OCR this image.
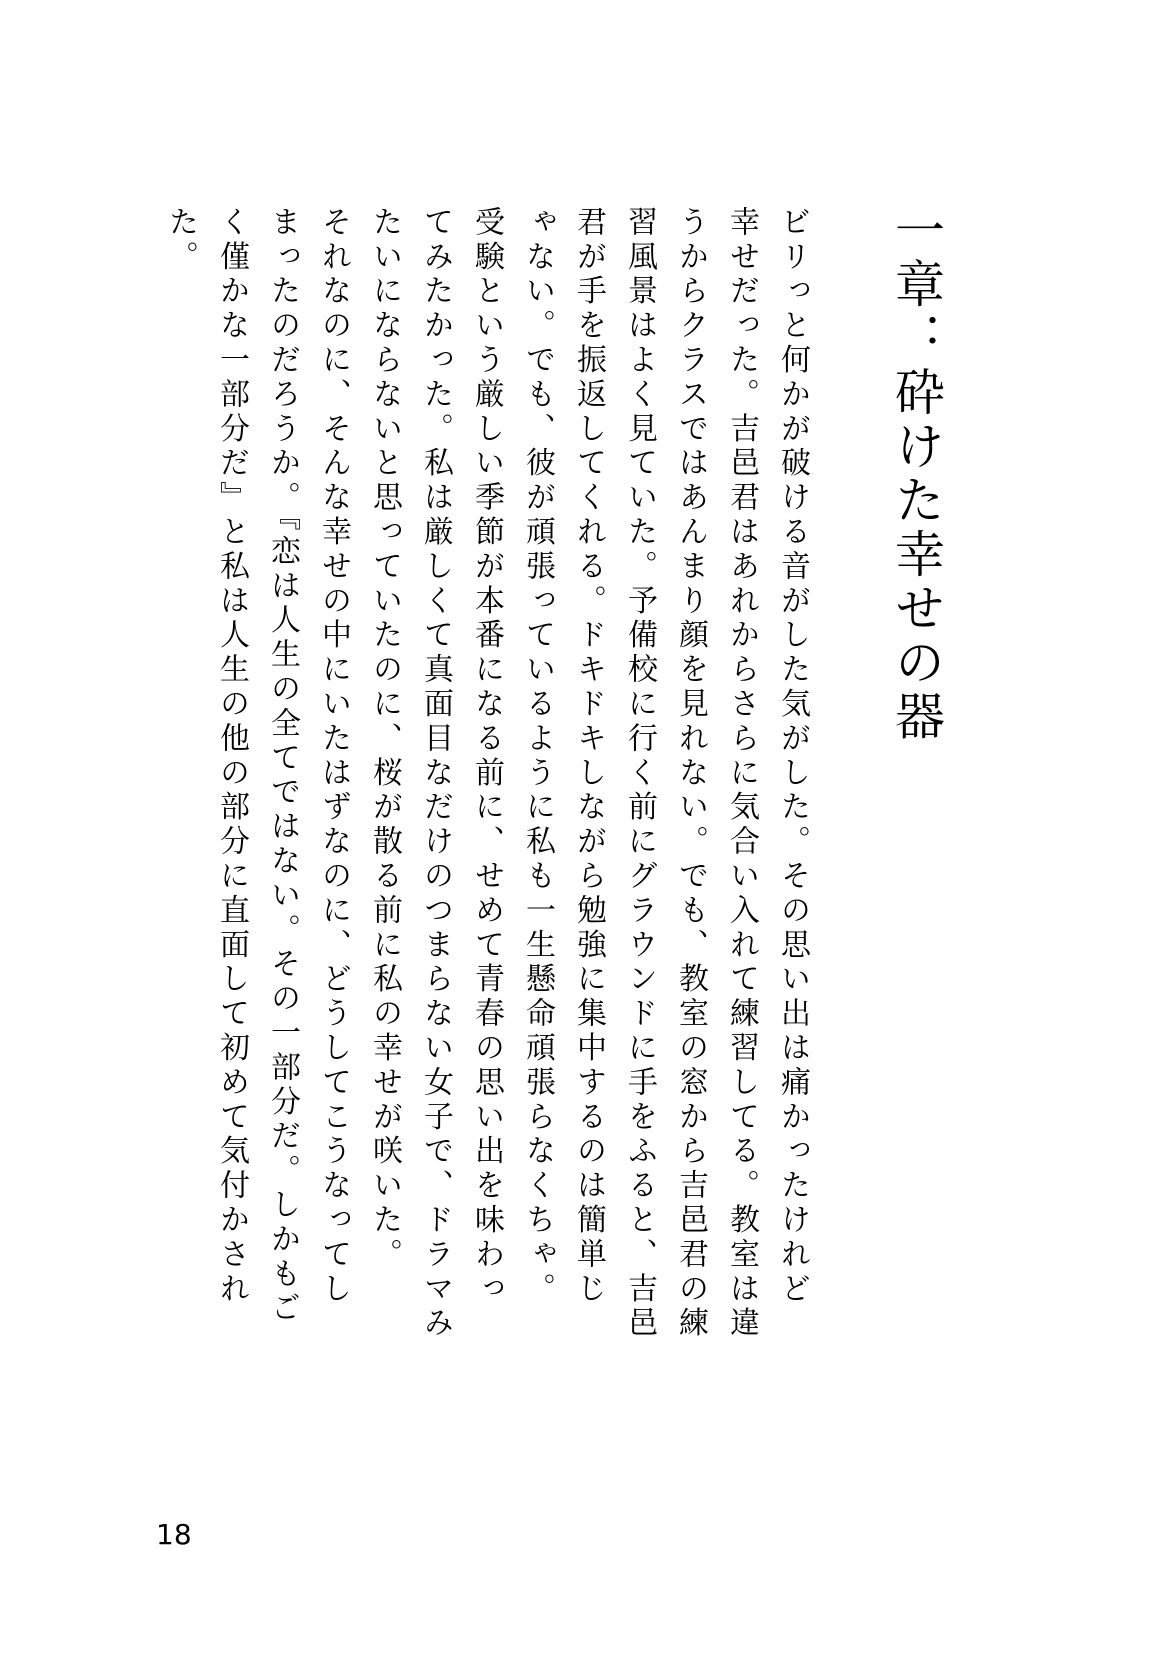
一章：砕けた幸せの器
ビリっと何かが破ける音がした気がした。その思い出は痛かったけれど
幸せだった。吉邑君はあれからさらに気合い入れて練習してる。教室は違
うからクラスではあんまり顔を見れない。でも、教室の窓から吉邑君の練
習風景はよく見ていた。予備校に行く前にグラウンドに手をふると、吉邑
君が手を振返してくれる。ドキドキしながら勉強に集中するのは簡単じ
ゃない。でも、彼が頑張っているように私も一生懸命頑張らなくちゃ。
受験という厳しい季節が本番になる前に、せめて青春の思い出を味わっ
てみたかった。私は厳しくて真面目なだけのつまらない女子で、ドラマみ
たいにならないと思っていたのに、桜が散る前に私の幸せが咲いた。
それなのに、そんな幸せの中にいたはずなのに、どうしてこうなってし
まったのだろうか。『恋は人生の全てではない。その一部分だ。しかもご
く僅かな一部分だ』と私は人生の他の部分に直面して初めて気付かされ
た。
18
